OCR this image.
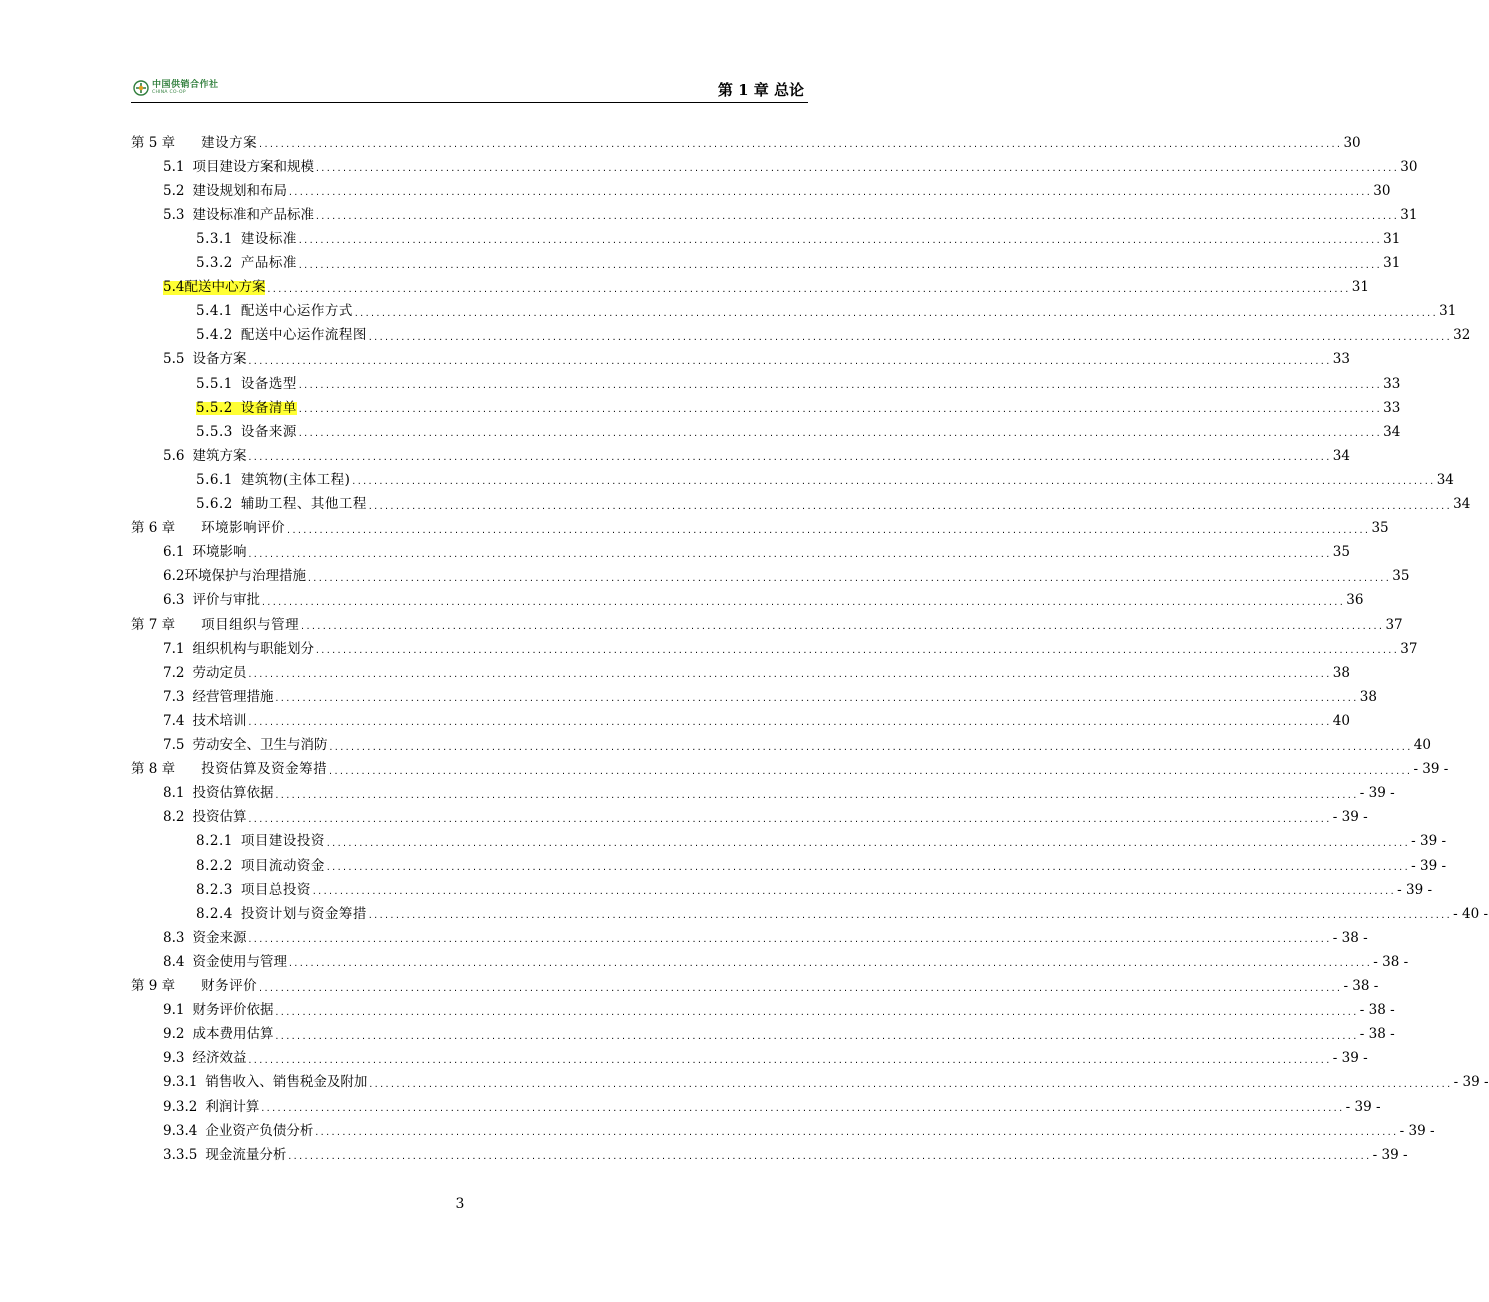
中国供销合作社
CHINA CO-OP	第 1 章 总论
第 5 章 建设方案 ........................................................................................................................................................................................................ 30
5.1 项目建设方案和规模 ........................................................................................................................................................................................................ 30
5.2 建设规划和布局 ........................................................................................................................................................................................................ 30
5.3 建设标准和产品标准 ........................................................................................................................................................................................................ 31
5.3.1 建设标准 ........................................................................................................................................................................................................ 31
5.3.2 产品标准 ........................................................................................................................................................................................................ 31
5.4配送中心方案 ........................................................................................................................................................................................................ 31
5.4.1 配送中心运作方式 ........................................................................................................................................................................................................ 31
5.4.2 配送中心运作流程图 ........................................................................................................................................................................................................ 32
5.5 设备方案 ........................................................................................................................................................................................................ 33
5.5.1 设备选型 ........................................................................................................................................................................................................ 33
5.5.2 设备清单 ........................................................................................................................................................................................................ 33
5.5.3 设备来源 ........................................................................................................................................................................................................ 34
5.6 建筑方案 ........................................................................................................................................................................................................ 34
5.6.1 建筑物(主体工程) ........................................................................................................................................................................................................ 34
5.6.2 辅助工程、其他工程 ........................................................................................................................................................................................................ 34
第 6 章 环境影响评价 ........................................................................................................................................................................................................ 35
6.1 环境影响 ........................................................................................................................................................................................................ 35
6.2环境保护与治理措施 ........................................................................................................................................................................................................ 35
6.3 评价与审批 ........................................................................................................................................................................................................ 36
第 7 章 项目组织与管理 ........................................................................................................................................................................................................ 37
7.1 组织机构与职能划分 ........................................................................................................................................................................................................ 37
7.2 劳动定员 ........................................................................................................................................................................................................ 38
7.3 经营管理措施 ........................................................................................................................................................................................................ 38
7.4 技术培训 ........................................................................................................................................................................................................ 40
7.5 劳动安全、卫生与消防 ........................................................................................................................................................................................................ 40
第 8 章 投资估算及资金筹措 ........................................................................................................................................................................................................ - 39 -
8.1 投资估算依据 ........................................................................................................................................................................................................ - 39 -
8.2 投资估算 ........................................................................................................................................................................................................ - 39 -
8.2.1 项目建设投资 ........................................................................................................................................................................................................ - 39 -
8.2.2 项目流动资金 ........................................................................................................................................................................................................ - 39 -
8.2.3 项目总投资 ........................................................................................................................................................................................................ - 39 -
8.2.4 投资计划与资金筹措 ........................................................................................................................................................................................................ - 40 -
8.3 资金来源 ........................................................................................................................................................................................................ - 38 -
8.4 资金使用与管理 ........................................................................................................................................................................................................ - 38 -
第 9 章 财务评价 ........................................................................................................................................................................................................ - 38 -
9.1 财务评价依据 ........................................................................................................................................................................................................ - 38 -
9.2 成本费用估算 ........................................................................................................................................................................................................ - 38 -
9.3 经济效益 ........................................................................................................................................................................................................ - 39 -
9.3.1 销售收入、销售税金及附加 ........................................................................................................................................................................................................ - 39 -
9.3.2 利润计算 ........................................................................................................................................................................................................ - 39 -
9.3.4 企业资产负债分析 ........................................................................................................................................................................................................ - 39 -
3.3.5 现金流量分析 ........................................................................................................................................................................................................ - 39 -
3
